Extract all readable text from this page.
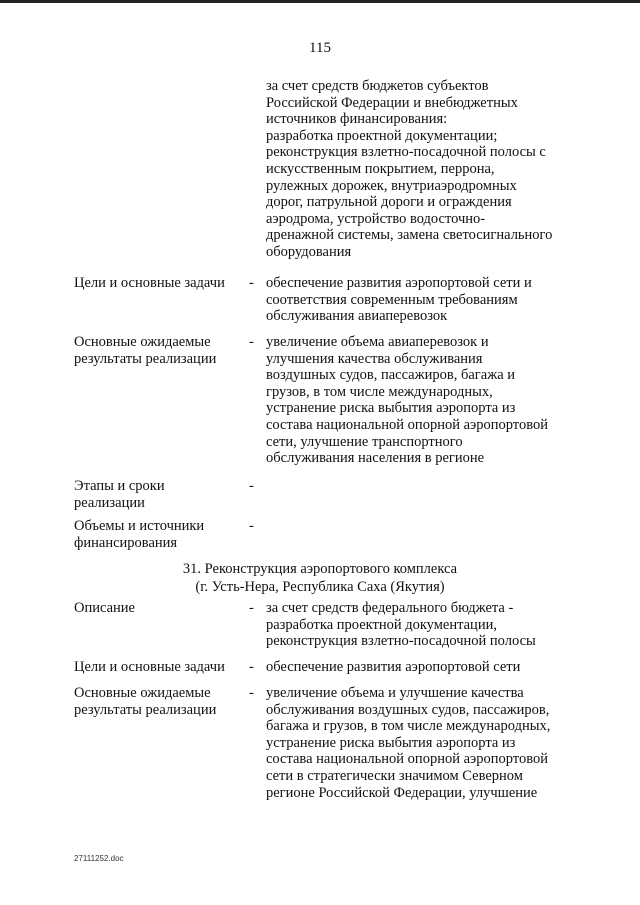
115
за счет средств бюджетов субъектов
Российской Федерации и внебюджетных
источников финансирования:
разработка проектной документации;
реконструкция взлетно-посадочной полосы с
искусственным покрытием, перрона,
рулежных дорожек, внутриаэродромных
дорог, патрульной дороги и ограждения
аэродрома, устройство водосточно-
дренажной системы, замена светосигнального
оборудования
Цели и основные задачи	- обеспечение развития аэропортовой сети и
соответствия современным требованиям
обслуживания авиаперевозок
Основные ожидаемые
результаты реализации
- увеличение объема авиаперевозок и
улучшения качества обслуживания
воздушных судов, пассажиров, багажа и
грузов, в том числе международных,
устранение риска выбытия аэропорта из
состава национальной опорной аэропортовой
сети, улучшение транспортного
обслуживания населения в регионе
Этапы и сроки
реализации
-
Объемы и источники
финансирования
-
31. Реконструкция аэропортового комплекса
(г. Усть-Нера, Республика Саха (Якутия)
Описание	- за счет средств федерального бюджета -
разработка проектной документации,
реконструкция взлетно-посадочной полосы
Цели и основные задачи	- обеспечение развития аэропортовой сети
Основные ожидаемые
результаты реализации
- увеличение объема и улучшение качества
обслуживания воздушных судов, пассажиров,
багажа и грузов, в том числе международных,
устранение риска выбытия аэропорта из
состава национальной опорной аэропортовой
сети в стратегически значимом Северном
регионе Российской Федерации, улучшение
27111252.doc
